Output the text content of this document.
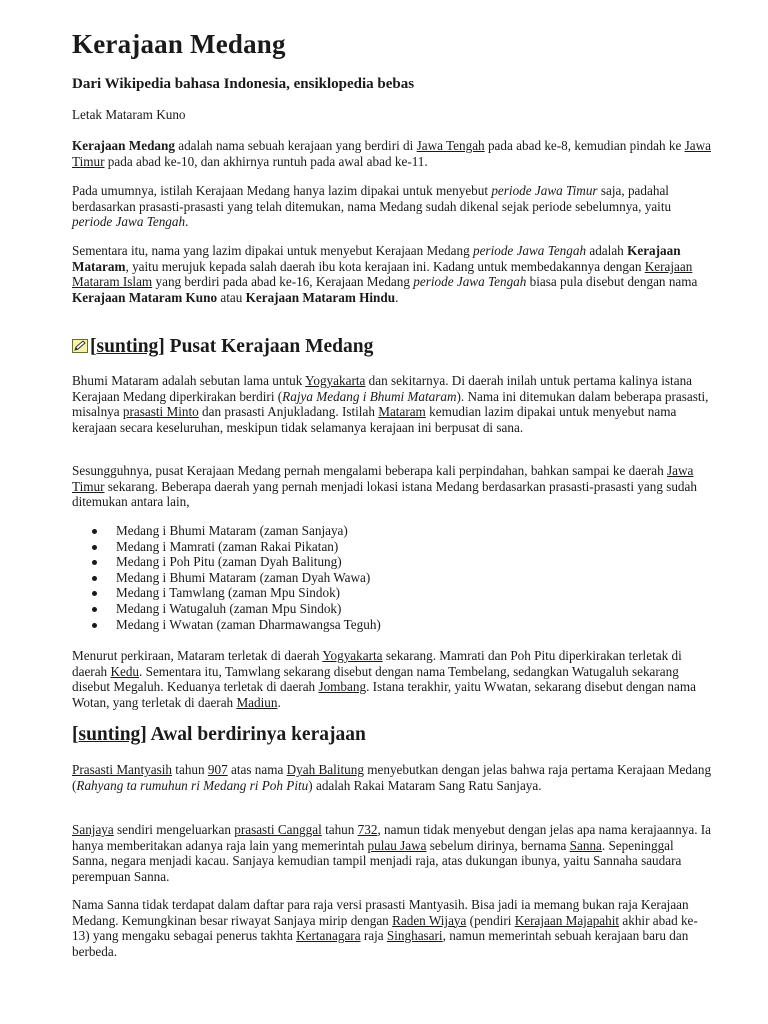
Kerajaan Medang
Dari Wikipedia bahasa Indonesia, ensiklopedia bebas
Letak Mataram Kuno

Kerajaan Medang adalah nama sebuah kerajaan yang berdiri di Jawa Tengah pada abad ke-8, kemudian pindah ke Jawa Timur pada abad ke-10, dan akhirnya runtuh pada awal abad ke-11.

Pada umumnya, istilah Kerajaan Medang hanya lazim dipakai untuk menyebut periode Jawa Timur saja, padahal berdasarkan prasasti-prasasti yang telah ditemukan, nama Medang sudah dikenal sejak periode sebelumnya, yaitu periode Jawa Tengah.

Sementara itu, nama yang lazim dipakai untuk menyebut Kerajaan Medang periode Jawa Tengah adalah Kerajaan Mataram, yaitu merujuk kepada salah daerah ibu kota kerajaan ini. Kadang untuk membedakannya dengan Kerajaan Mataram Islam yang berdiri pada abad ke-16, Kerajaan Medang periode Jawa Tengah biasa pula disebut dengan nama Kerajaan Mataram Kuno atau Kerajaan Mataram Hindu.

[sunting] Pusat Kerajaan Medang

Bhumi Mataram adalah sebutan lama untuk Yogyakarta dan sekitarnya. Di daerah inilah untuk pertama kalinya istana Kerajaan Medang diperkirakan berdiri (Rajya Medang i Bhumi Mataram). Nama ini ditemukan dalam beberapa prasasti, misalnya prasasti Minto dan prasasti Anjukladang. Istilah Mataram kemudian lazim dipakai untuk menyebut nama kerajaan secara keseluruhan, meskipun tidak selamanya kerajaan ini berpusat di sana.

Sesungguhnya, pusat Kerajaan Medang pernah mengalami beberapa kali perpindahan, bahkan sampai ke daerah Jawa Timur sekarang. Beberapa daerah yang pernah menjadi lokasi istana Medang berdasarkan prasasti-prasasti yang sudah ditemukan antara lain,

Medang i Bhumi Mataram (zaman Sanjaya)
Medang i Mamrati (zaman Rakai Pikatan)
Medang i Poh Pitu (zaman Dyah Balitung)
Medang i Bhumi Mataram (zaman Dyah Wawa)
Medang i Tamwlang (zaman Mpu Sindok)
Medang i Watugaluh (zaman Mpu Sindok)
Medang i Wwatan (zaman Dharmawangsa Teguh)

Menurut perkiraan, Mataram terletak di daerah Yogyakarta sekarang. Mamrati dan Poh Pitu diperkirakan terletak di daerah Kedu. Sementara itu, Tamwlang sekarang disebut dengan nama Tembelang, sedangkan Watugaluh sekarang disebut Megaluh. Keduanya terletak di daerah Jombang. Istana terakhir, yaitu Wwatan, sekarang disebut dengan nama Wotan, yang terletak di daerah Madiun.

[sunting] Awal berdirinya kerajaan

Prasasti Mantyasih tahun 907 atas nama Dyah Balitung menyebutkan dengan jelas bahwa raja pertama Kerajaan Medang (Rahyang ta rumuhun ri Medang ri Poh Pitu) adalah Rakai Mataram Sang Ratu Sanjaya.

Sanjaya sendiri mengeluarkan prasasti Canggal tahun 732, namun tidak menyebut dengan jelas apa nama kerajaannya. Ia hanya memberitakan adanya raja lain yang memerintah pulau Jawa sebelum dirinya, bernama Sanna. Sepeninggal Sanna, negara menjadi kacau. Sanjaya kemudian tampil menjadi raja, atas dukungan ibunya, yaitu Sannaha saudara perempuan Sanna.

Nama Sanna tidak terdapat dalam daftar para raja versi prasasti Mantyasih. Bisa jadi ia memang bukan raja Kerajaan Medang. Kemungkinan besar riwayat Sanjaya mirip dengan Raden Wijaya (pendiri Kerajaan Majapahit akhir abad ke-13) yang mengaku sebagai penerus takhta Kertanagara raja Singhasari, namun memerintah sebuah kerajaan baru dan berbeda.
